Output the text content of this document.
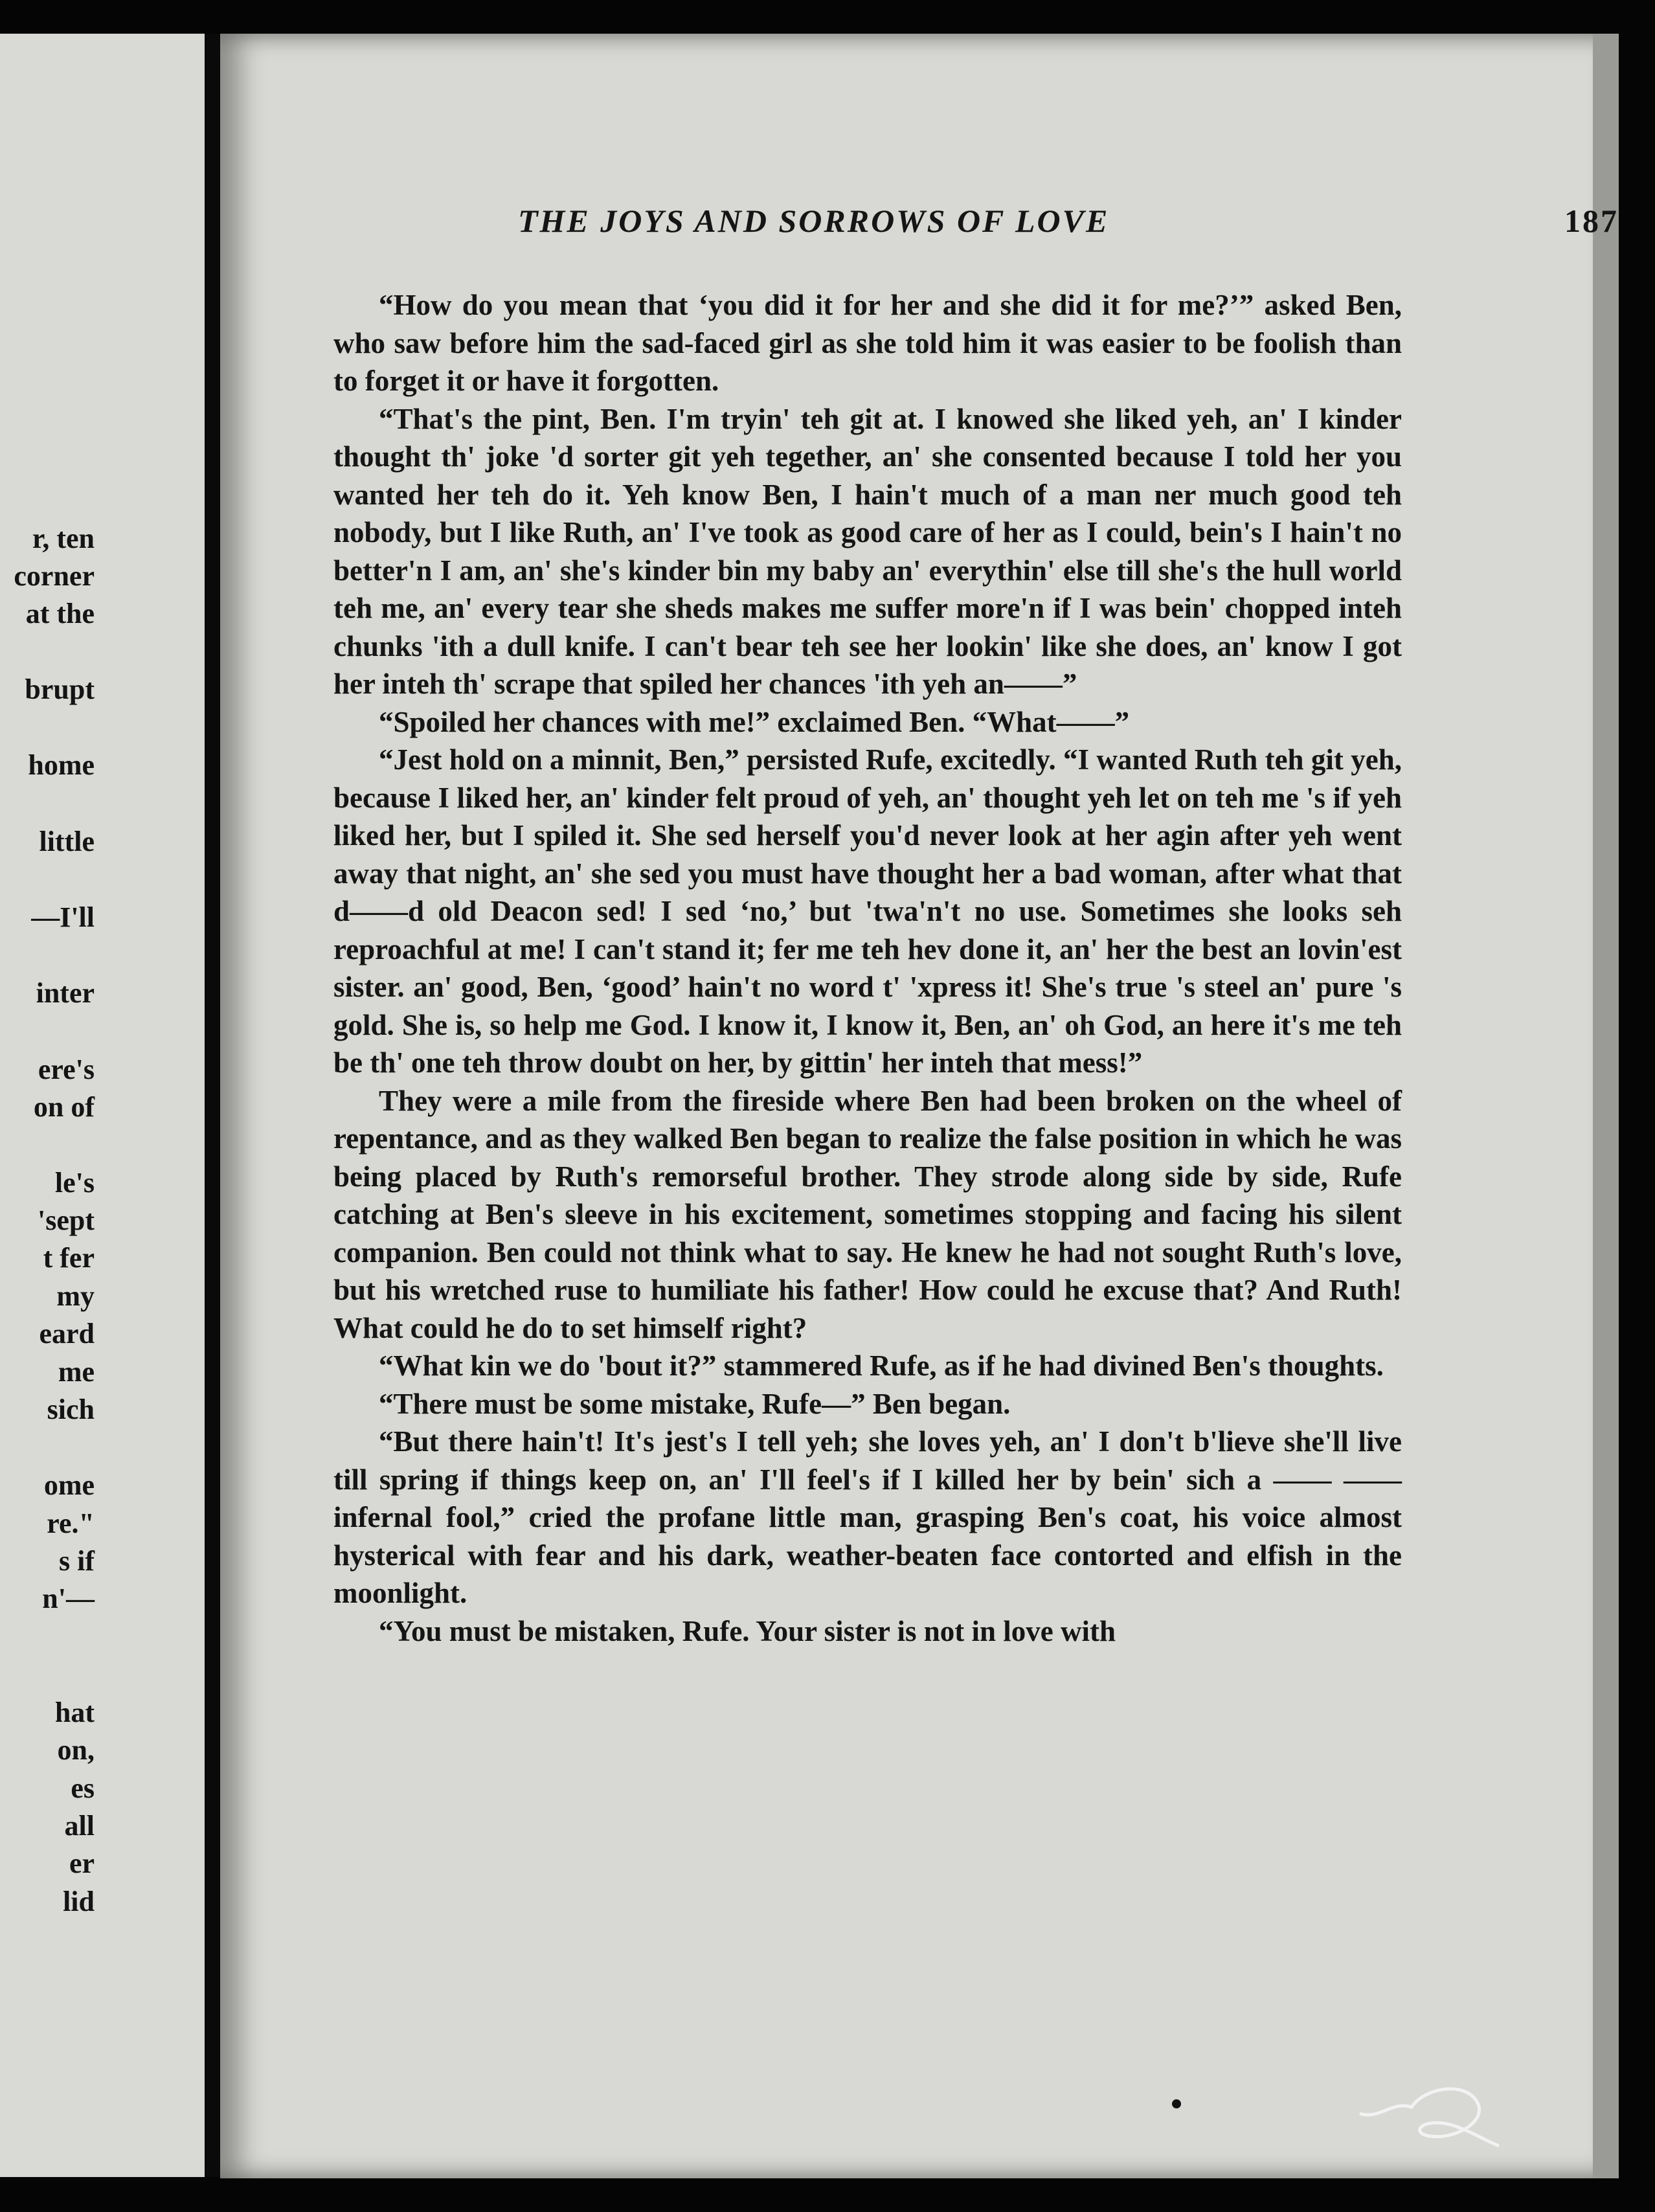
r, ten
corner
at the
brupt
home
little
—I'll
inter
ere's
on of
le's
'sept
t fer
my
eard
me
sich
ome
re."
s if
n'—
hat
on,
es
all
er
lid
THE JOYS AND SORROWS OF LOVE	187

“How do you mean that ‘you did it for her and she did it for me?’” asked Ben, who saw before him the sad-faced girl as she told him it was easier to be foolish than to forget it or have it forgotten.

“That's the pint, Ben. I'm tryin' teh git at. I knowed she liked yeh, an' I kinder thought th' joke 'd sorter git yeh tegether, an' she consented because I told her you wanted her teh do it. Yeh know Ben, I hain't much of a man ner much good teh nobody, but I like Ruth, an' I've took as good care of her as I could, bein's I hain't no better'n I am, an' she's kinder bin my baby an' everythin' else till she's the hull world teh me, an' every tear she sheds makes me suffer more'n if I was bein' chopped inteh chunks 'ith a dull knife. I can't bear teh see her lookin' like she does, an' know I got her inteh th' scrape that spiled her chances 'ith yeh an——”

“Spoiled her chances with me!” exclaimed Ben. “What——”

“Jest hold on a minnit, Ben,” persisted Rufe, excitedly. “I wanted Ruth teh git yeh, because I liked her, an' kinder felt proud of yeh, an' thought yeh let on teh me 's if yeh liked her, but I spiled it. She sed herself you'd never look at her agin after yeh went away that night, an' she sed you must have thought her a bad woman, after what that d——d old Deacon sed! I sed ‘no,’ but 'twa'n't no use. Sometimes she looks seh reproachful at me! I can't stand it; fer me teh hev done it, an' her the best an lovin'est sister. an' good, Ben, ‘good’ hain't no word t' 'xpress it! She's true 's steel an' pure 's gold. She is, so help me God. I know it, I know it, Ben, an' oh God, an here it's me teh be th' one teh throw doubt on her, by gittin' her inteh that mess!”

They were a mile from the fireside where Ben had been broken on the wheel of repentance, and as they walked Ben began to realize the false position in which he was being placed by Ruth's remorseful brother. They strode along side by side, Rufe catching at Ben's sleeve in his excitement, sometimes stopping and facing his silent companion. Ben could not think what to say. He knew he had not sought Ruth's love, but his wretched ruse to humiliate his father! How could he excuse that? And Ruth! What could he do to set himself right?

“What kin we do 'bout it?” stammered Rufe, as if he had divined Ben's thoughts.

“There must be some mistake, Rufe—” Ben began.

“But there hain't! It's jest's I tell yeh; she loves yeh, an' I don't b'lieve she'll live till spring if things keep on, an' I'll feel's if I killed her by bein' sich a —— —— infernal fool,” cried the profane little man, grasping Ben's coat, his voice almost hysterical with fear and his dark, weather-beaten face contorted and elfish in the moonlight.

“You must be mistaken, Rufe. Your sister is not in love with
